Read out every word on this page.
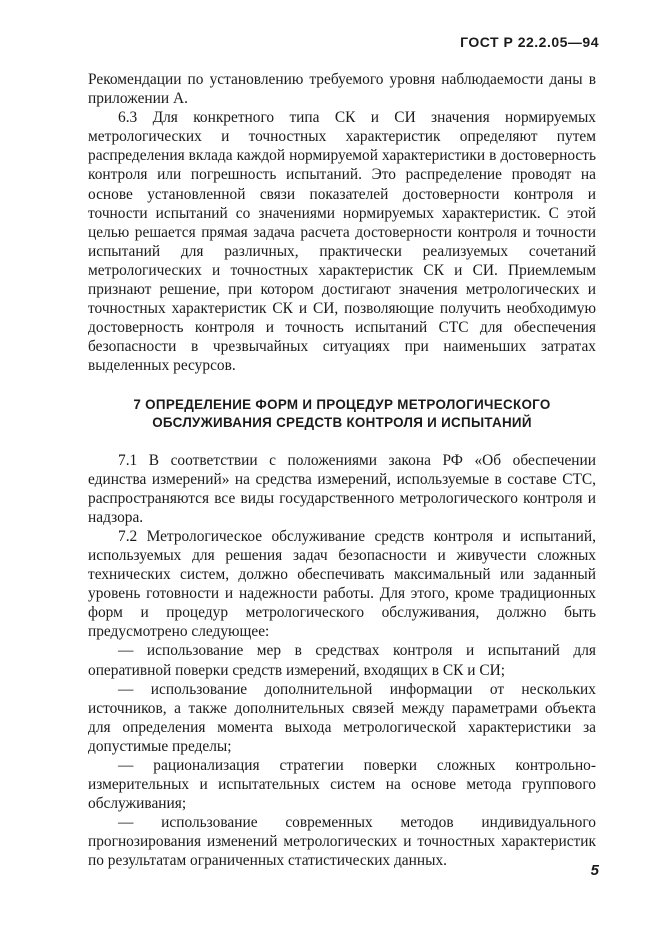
ГОСТ Р 22.2.05—94

Рекомендации по установлению требуемого уровня наблюдаемости даны в приложении А.

6.3 Для конкретного типа СК и СИ значения нормируемых метрологических и точностных характеристик определяют путем распределения вклада каждой нормируемой характеристики в достоверность контроля или погрешность испытаний. Это распределение проводят на основе установленной связи показателей достоверности контроля и точности испытаний со значениями нормируемых характеристик. С этой целью решается прямая задача расчета достоверности контроля и точности испытаний для различных, практически реализуемых сочетаний метрологических и точностных характеристик СК и СИ. Приемлемым признают решение, при котором достигают значения метрологических и точностных характеристик СК и СИ, позволяющие получить необходимую достоверность контроля и точность испытаний СТС для обеспечения безопасности в чрезвычайных ситуациях при наименьших затратах выделенных ресурсов.

7 ОПРЕДЕЛЕНИЕ ФОРМ И ПРОЦЕДУР МЕТРОЛОГИЧЕСКОГО
ОБСЛУЖИВАНИЯ СРЕДСТВ КОНТРОЛЯ И ИСПЫТАНИЙ

7.1 В соответствии с положениями закона РФ «Об обеспечении единства измерений» на средства измерений, используемые в составе СТС, распространяются все виды государственного метрологического контроля и надзора.

7.2 Метрологическое обслуживание средств контроля и испытаний, используемых для решения задач безопасности и живучести сложных технических систем, должно обеспечивать максимальный или заданный уровень готовности и надежности работы. Для этого, кроме традиционных форм и процедур метрологического обслуживания, должно быть предусмотрено следующее:

— использование мер в средствах контроля и испытаний для оперативной поверки средств измерений, входящих в СК и СИ;

— использование дополнительной информации от нескольких источников, а также дополнительных связей между параметрами объекта для определения момента выхода метрологической характеристики за допустимые пределы;

— рационализация стратегии поверки сложных контрольно-измерительных и испытательных систем на основе метода группового обслуживания;

— использование современных методов индивидуального прогнозирования изменений метрологических и точностных характеристик по результатам ограниченных статистических данных.

5
